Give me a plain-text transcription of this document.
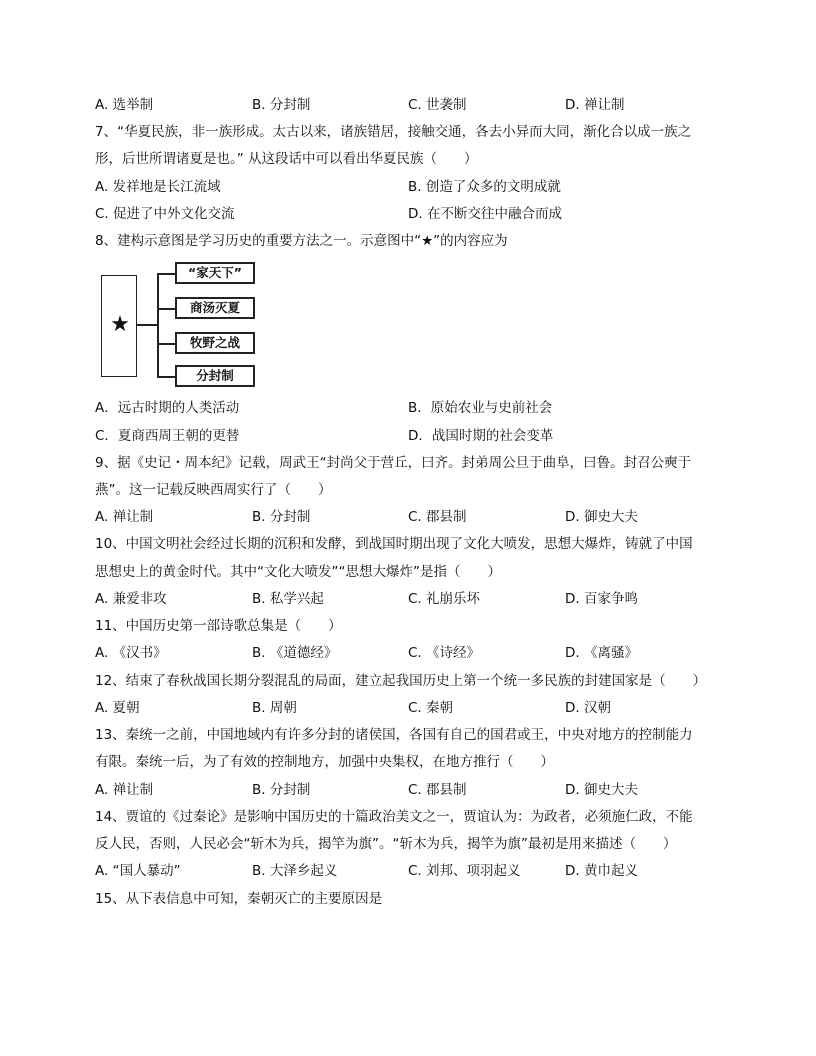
A. 选举制	B. 分封制	C. 世袭制	D. 禅让制
7、“华夏民族，非一族形成。太古以来，诸族错居，接触交通，各去小异而大同，渐化合以成一族之
形，后世所谓诸夏是也。” 从这段话中可以看出华夏民族（　　）
A. 发祥地是长江流域	B. 创造了众多的文明成就
C. 促进了中外文化交流	D. 在不断交往中融合而成
8、建构示意图是学习历史的重要方法之一。示意图中“★”的内容应为
★
“家天下”
商汤灭夏
牧野之战
分封制
A．远古时期的人类活动	B．原始农业与史前社会
C．夏商西周王朝的更替	D．战国时期的社会变革
9、据《史记・周本纪》记载，周武王“封尚父于营丘，曰齐。封弟周公旦于曲阜，曰鲁。封召公奭于
燕”。这一记载反映西周实行了（　　）
A. 禅让制	B. 分封制	C. 郡县制	D. 御史大夫
10、中国文明社会经过长期的沉积和发酵，到战国时期出现了文化大喷发，思想大爆炸，铸就了中国
思想史上的黄金时代。其中“文化大喷发”“思想大爆炸”是指（　　）
A. 兼爱非攻	B. 私学兴起	C. 礼崩乐坏	D. 百家争鸣
11、中国历史第一部诗歌总集是（　　）
A. 《汉书》	B. 《道德经》	C. 《诗经》	D. 《离骚》
12、结束了春秋战国长期分裂混乱的局面，建立起我国历史上第一个统一多民族的封建国家是（　　）
A. 夏朝	B. 周朝	C. 秦朝	D. 汉朝
13、秦统一之前，中国地域内有许多分封的诸侯国，各国有自己的国君或王，中央对地方的控制能力
有限。秦统一后，为了有效的控制地方，加强中央集权，在地方推行（　　）
A. 禅让制	B. 分封制	C. 郡县制	D. 御史大夫
14、贾谊的《过秦论》是影响中国历史的十篇政治美文之一，贾谊认为：为政者，必须施仁政，不能
反人民，否则，人民必会“斩木为兵，揭竿为旗”。“斩木为兵，揭竿为旗”最初是用来描述（　　）
A. “国人暴动”	B. 大泽乡起义	C. 刘邦、项羽起义	D. 黄巾起义
15、从下表信息中可知，秦朝灭亡的主要原因是
